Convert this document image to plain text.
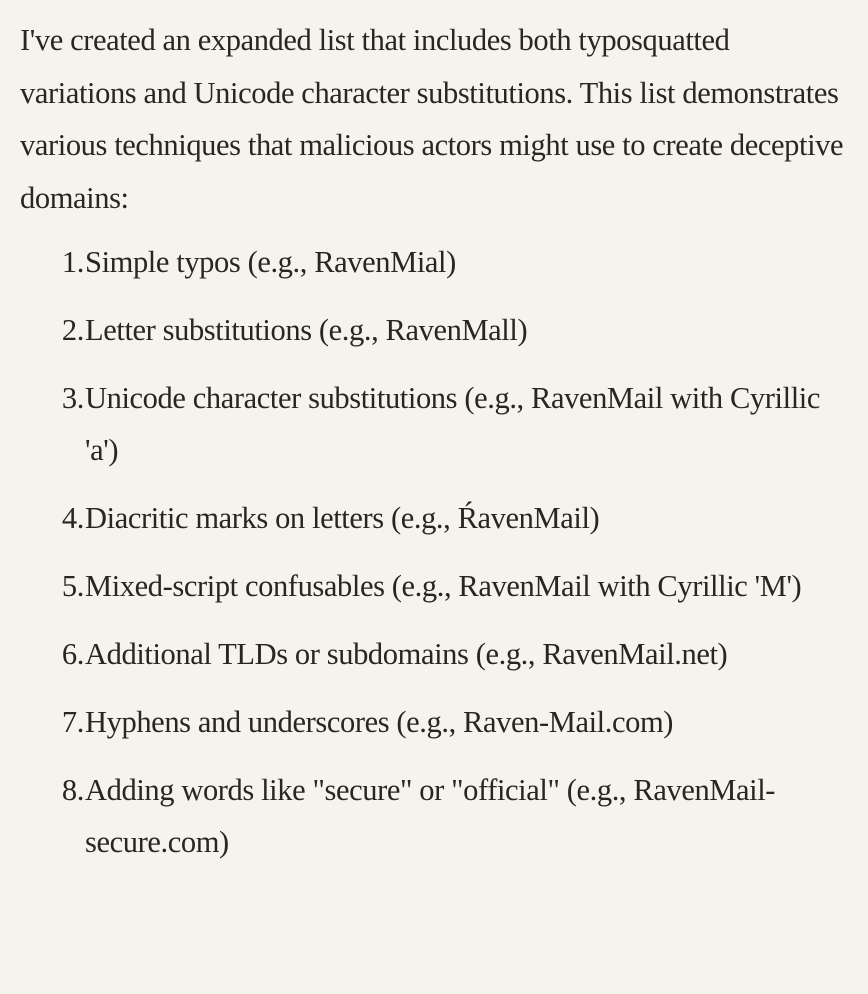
I've created an expanded list that includes both typosquatted variations and Unicode character substitutions. This list demonstrates various techniques that malicious actors might use to create deceptive domains:

1. Simple typos (e.g., RavenMial)
2. Letter substitutions (e.g., RavenMall)
3. Unicode character substitutions (e.g., RаvenMail with Cyrillic 'а')
4. Diacritic marks on letters (e.g., ŔavenMail)
5. Mixed-script confusables (e.g., RavenMail with Cyrillic 'М')
6. Additional TLDs or subdomains (e.g., RavenMail.net)
7. Hyphens and underscores (e.g., Raven-Mail.com)
8. Adding words like "secure" or "official" (e.g., RavenMail-secure.com)
